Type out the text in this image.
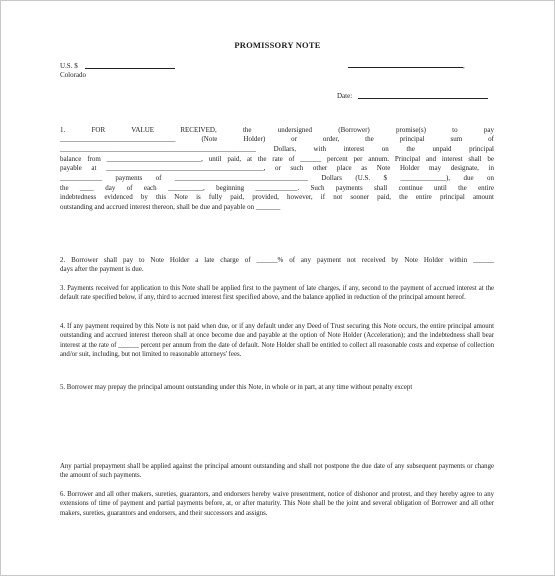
PROMISSORY NOTE
U.S. $
Colorado
,
Date:
1. FOR VALUE RECEIVED, the undersigned (Borrower) promise(s) to pay
_________________________________ (Note Holder) or order, the principal sum of
________________________________________________________ Dollars, with interest on the unpaid principal
balance from ___________________________, until paid, at the rate of ______ percent per annum. Principal and interest shall be
payable at _____________________________________________, or such other place as Note Holder may designate, in
____________ payments of ______________________________________ Dollars (U.S. $ _____________), due on
the ____ day of each __________, beginning ____________. Such payments shall continue until the entire
indebtedness evidenced by this Note is fully paid, provided, however, if not sooner paid, the entire principal amount
outstanding and accrued interest thereon, shall be due and payable on _______
2. Borrower shall pay to Note Holder a late charge of ______% of any payment not received by Note Holder within ______
days after the payment is due.
3. Payments received for application to this Note shall be applied first to the payment of late charges, if any, second to the payment of accrued interest at the default rate specified below, if any, third to accrued interest first specified above, and the balance applied in reduction of the principal amount hereof.
4. If any payment required by this Note is not paid when due, or if any default under any Deed of Trust securing this Note occurs, the entire principal amount outstanding and accrued interest thereon shall at once become due and payable at the option of Note Holder (Acceleration); and the indebtedness shall bear interest at the rate of ______ percent per annum from the date of default. Note Holder shall be entitled to collect all reasonable costs and expense of collection and/or suit, including, but not limited to reasonable attorneys' fees.
5. Borrower may prepay the principal amount outstanding under this Note, in whole or in part, at any time without penalty except
Any partial prepayment shall be applied against the principal amount outstanding and shall not postpone the due date of any subsequent payments or change the amount of such payments.
6. Borrower and all other makers, sureties, guarantors, and endorsers hereby waive presentment, notice of dishonor and protest, and they hereby agree to any extensions of time of payment and partial payments before, at, or after maturity. This Note shall be the joint and several obligation of Borrower and all other makers, sureties, guarantors and endorsers, and their successors and assigns.
